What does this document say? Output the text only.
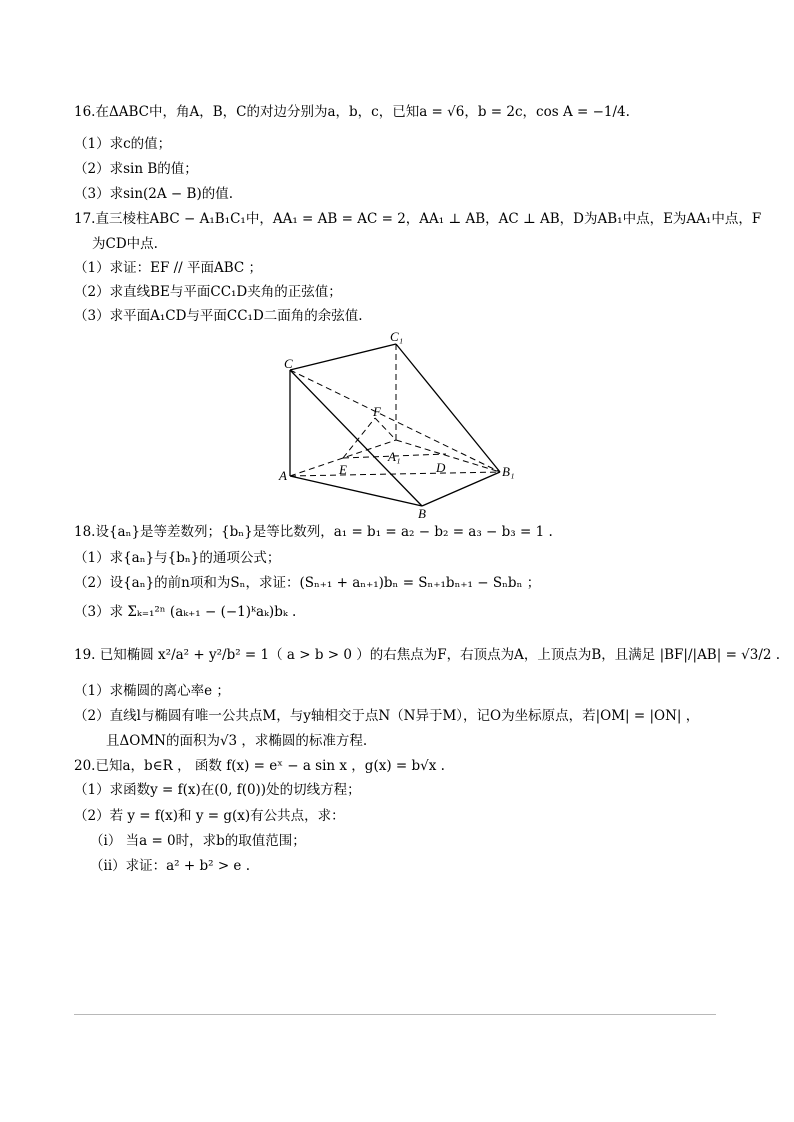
16.在ΔABC中，角A，B，C的对边分别为a，b，c，已知a = √6，b = 2c，cos A = −1/4.
（1）求c的值；
（2）求sin B的值；
（3）求sin(2A − B)的值.
17.直三棱柱ABC − A₁B₁C₁中，AA₁ = AB = AC = 2，AA₁ ⊥ AB，AC ⊥ AB，D为AB₁中点，E为AA₁中点，F
为CD中点.
（1）求证：EF // 平面ABC ；
（2）求直线BE与平面CC₁D夹角的正弦值；
（3）求平面A₁CD与平面CC₁D二面角的余弦值.
C
C₁
F
E
A₁
D
A	B₁
B
18.设{aₙ}是等差数列；{bₙ}是等比数列，a₁ = b₁ = a₂ − b₂ = a₃ − b₃ = 1 .
（1）求{aₙ}与{bₙ}的通项公式；
（2）设{aₙ}的前n项和为Sₙ，求证：(Sₙ₊₁ + aₙ₊₁)bₙ = Sₙ₊₁bₙ₊₁ − Sₙbₙ ；
（3）求 Σₖ₌₁²ⁿ (aₖ₊₁ − (−1)ᵏaₖ)bₖ .
19. 已知椭圆 x²/a² + y²/b² = 1（ a > b > 0 ）的右焦点为F，右顶点为A，上顶点为B，且满足 |BF|/|AB| = √3/2 .
（1）求椭圆的离心率e ；
（2）直线l与椭圆有唯一公共点M，与y轴相交于点N（N异于M），记O为坐标原点，若|OM| = |ON| ，
且ΔOMN的面积为√3 ，求椭圆的标准方程.
20.已知a，b∈R ， 函数 f(x) = eˣ − a sin x ，g(x) = b√x .
（1）求函数y = f(x)在(0, f(0))处的切线方程；
（2）若 y = f(x)和 y = g(x)有公共点，求：
（i） 当a = 0时，求b的取值范围；
（ii）求证：a² + b² > e .
